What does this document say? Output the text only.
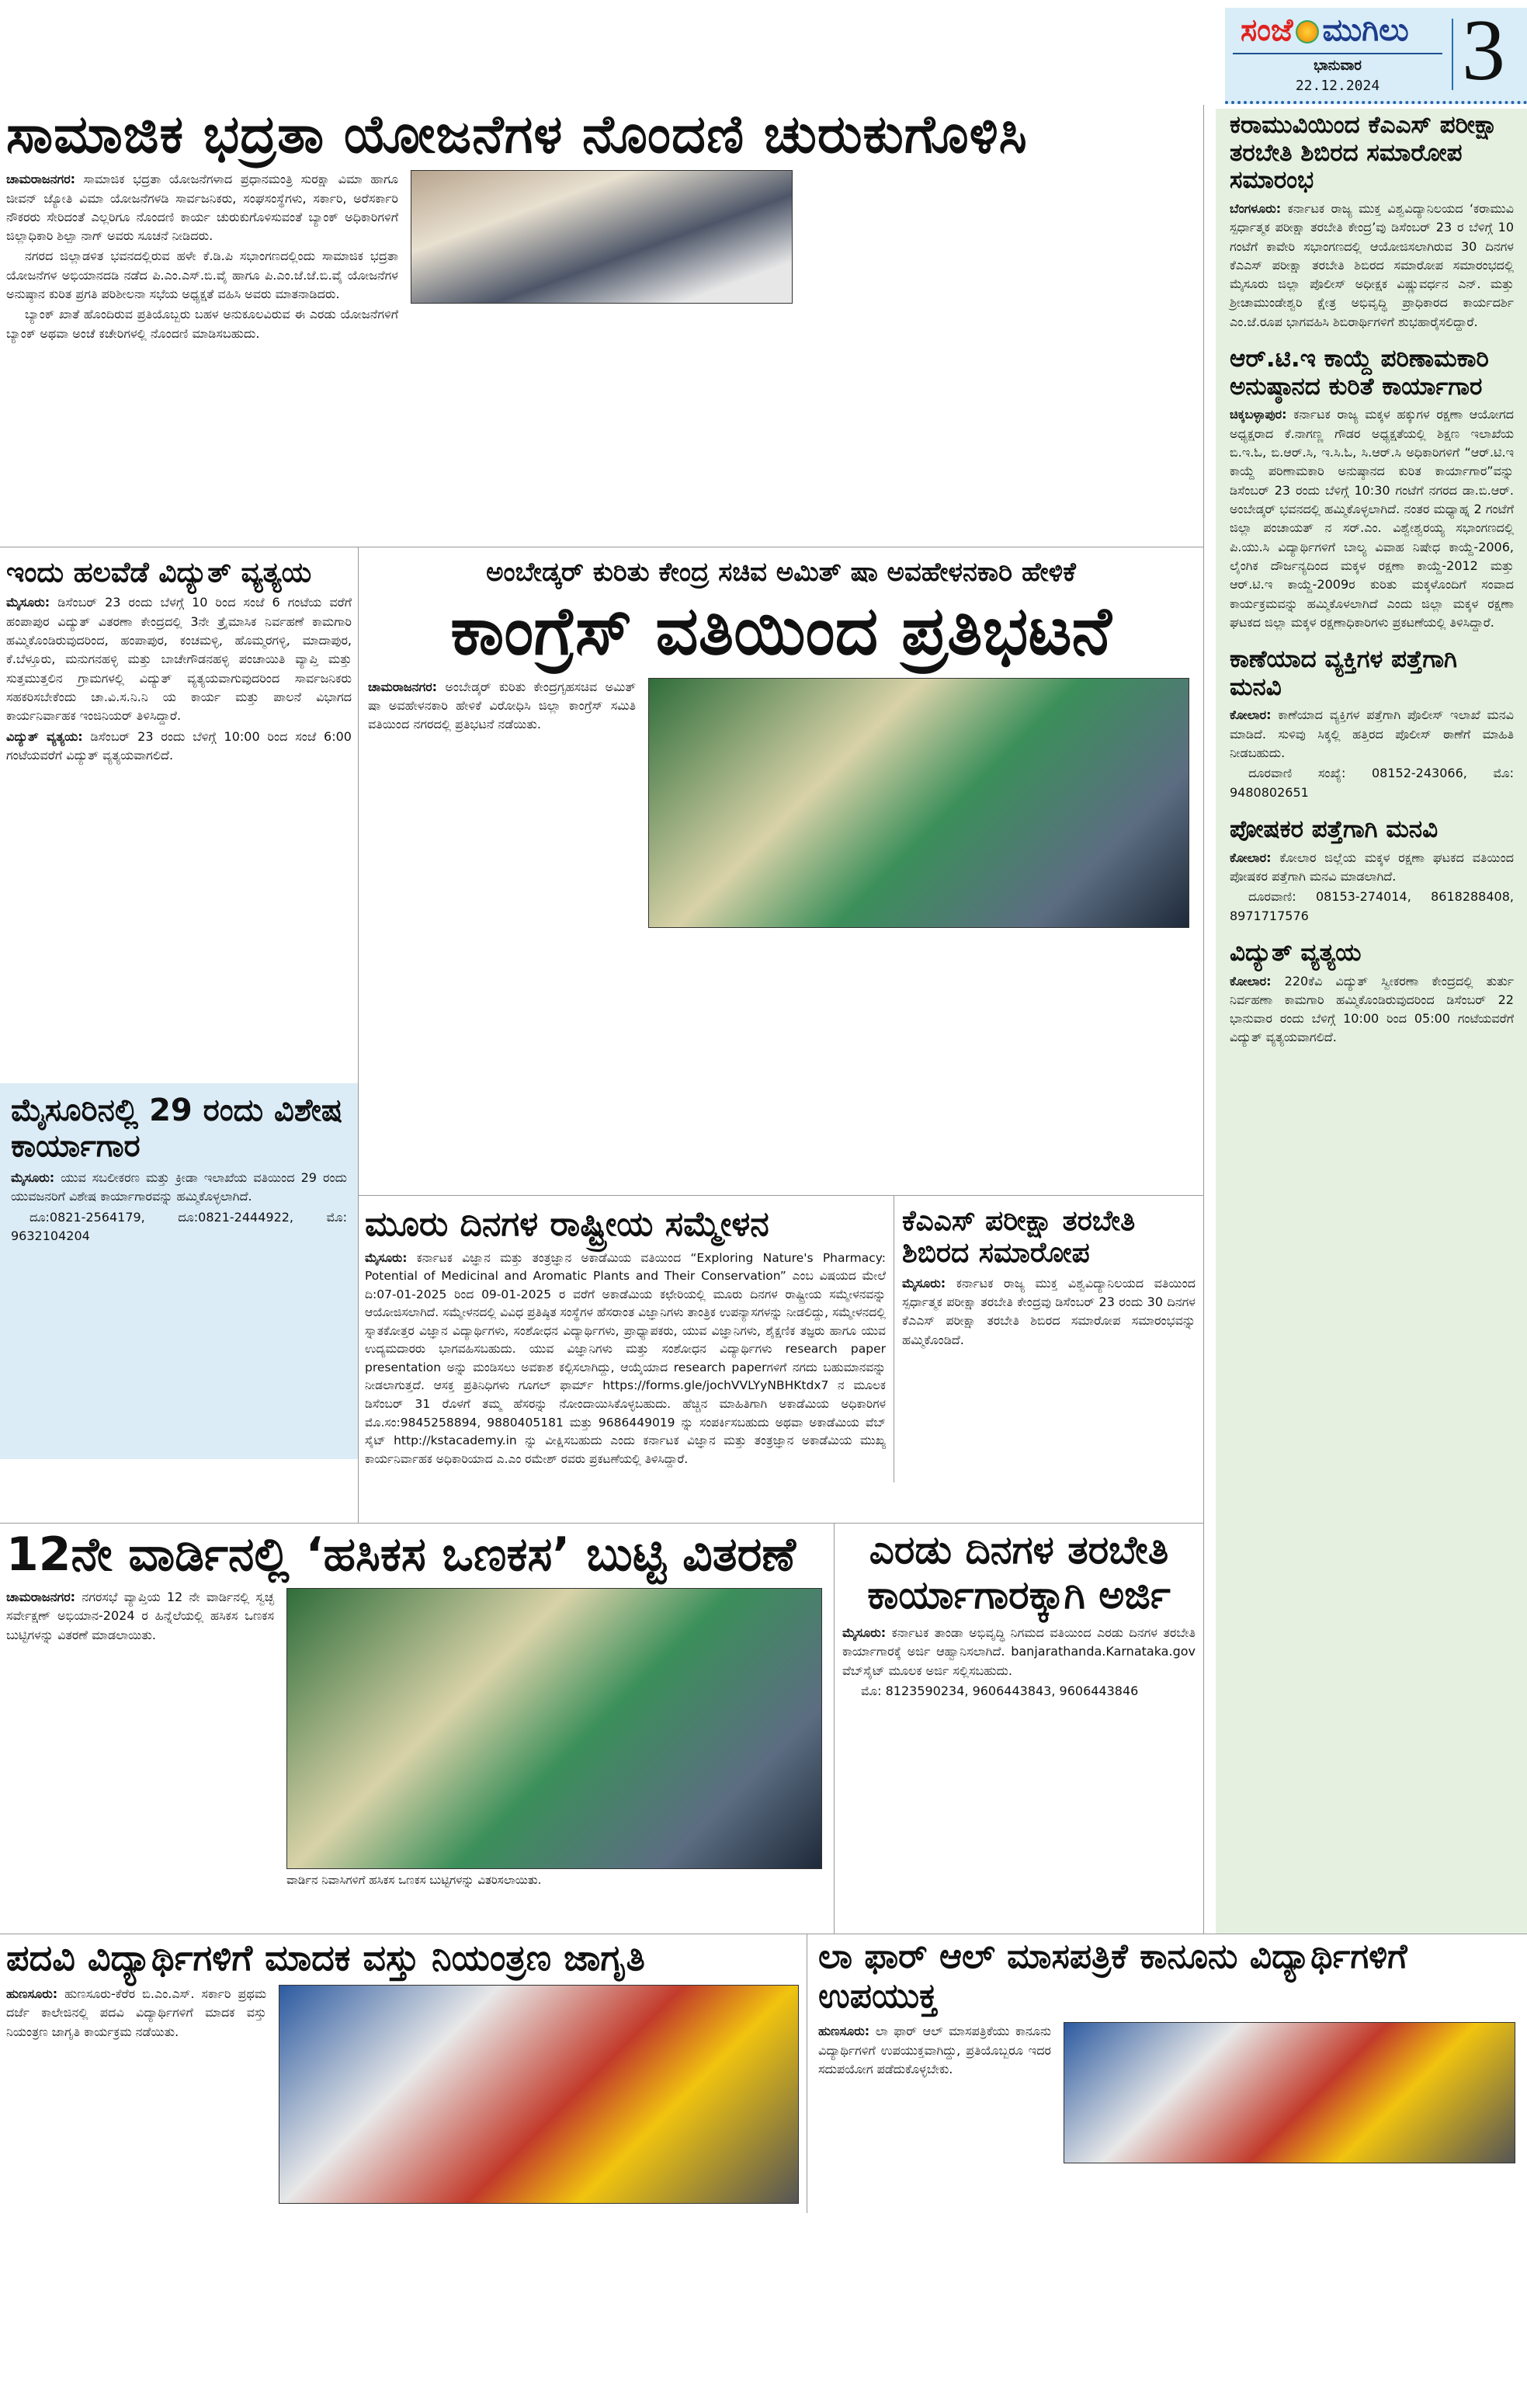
ಸಂಜೆ ಮುಗಿಲು
ಭಾನುವಾರ
22.12.2024 3
ಸಾಮಾಜಿಕ ಭದ್ರತಾ ಯೋಜನೆಗಳ ನೊಂದಣಿ ಚುರುಕುಗೊಳಿಸಿ

ಚಾಮರಾಜನಗರ: ಸಾಮಾಜಿಕ ಭದ್ರತಾ ಯೋಜನೆಗಳಾದ ಪ್ರಧಾನಮಂತ್ರಿ ಸುರಕ್ಷಾ ವಿಮಾ ಹಾಗೂ ಜೀವನ್ ಜ್ಯೋತಿ ವಿಮಾ ಯೋಜನೆಗಳಡಿ ಸಾರ್ವಜನಿಕರು, ಸಂಘಸಂಸ್ಥೆಗಳು, ಸರ್ಕಾರಿ, ಅರೆಸರ್ಕಾರಿ ನೌಕರರು ಸೇರಿದಂತೆ ಎಲ್ಲರಿಗೂ ನೊಂದಣಿ ಕಾರ್ಯ ಚುರುಕುಗೊಳಿಸುವಂತೆ ಬ್ಯಾಂಕ್ ಅಧಿಕಾರಿಗಳಿಗೆ ಜಿಲ್ಲಾಧಿಕಾರಿ ಶಿಲ್ಪಾ ನಾಗ್ ಅವರು ಸೂಚನೆ ನೀಡಿದರು.

ನಗರದ ಜಿಲ್ಲಾಡಳಿತ ಭವನದಲ್ಲಿರುವ ಹಳೇ ಕೆ.ಡಿ.ಪಿ ಸಭಾಂಗಣದಲ್ಲಿಂದು ಸಾಮಾಜಿಕ ಭದ್ರತಾ ಯೋಜನೆಗಳ ಅಭಿಯಾನದಡಿ ನಡೆದ ಪಿ.ಎಂ.ಎಸ್.ಬಿ.ವೈ ಹಾಗೂ ಪಿ.ಎಂ.ಜೆ.ಜೆ.ಬಿ.ವೈ ಯೋಜನೆಗಳ ಅನುಷ್ಠಾನ ಕುರಿತ ಪ್ರಗತಿ ಪರಿಶೀಲನಾ ಸಭೆಯ ಅಧ್ಯಕ್ಷತೆ ವಹಿಸಿ ಅವರು ಮಾತನಾಡಿದರು.

ಬ್ಯಾಂಕ್ ಖಾತೆ ಹೊಂದಿರುವ ಪ್ರತಿಯೊಬ್ಬರು ಬಹಳ ಅನುಕೂಲವಿರುವ ಈ ಎರಡು ಯೋಜನೆಗಳಿಗೆ ಬ್ಯಾಂಕ್ ಅಥವಾ ಅಂಚೆ ಕಚೇರಿಗಳಲ್ಲಿ ನೊಂದಣಿ ಮಾಡಿಸಬಹುದು.

ಇಂದು ಹಲವೆಡೆ ವಿದ್ಯುತ್ ವ್ಯತ್ಯಯ

ಮೈಸೂರು: ಡಿಸೆಂಬರ್ 23 ರಂದು ಬೆಳಗ್ಗೆ 10 ರಿಂದ ಸಂಜೆ 6 ಗಂಟೆಯ ವರೆಗೆ ಹಂಪಾಪುರ ವಿದ್ಯುತ್ ವಿತರಣಾ ಕೇಂದ್ರದಲ್ಲಿ 3ನೇ ತ್ರೈಮಾಸಿಕ ನಿರ್ವಹಣೆ ಕಾಮಗಾರಿ ಹಮ್ಮಿಕೊಂಡಿರುವುದರಿಂದ, ಹಂಪಾಪುರ, ಕಂಚಮಳ್ಳಿ, ಹೊಮ್ಮರಗಳ್ಳಿ, ಮಾದಾಪುರ, ಕೆ.ಬೆಳ್ತೂರು, ಮನುಗನಹಳ್ಳಿ ಮತ್ತು ಬಾಚೇಗೌಡನಹಳ್ಳಿ ಪಂಚಾಯಿತಿ ವ್ಯಾಪ್ತಿ ಮತ್ತು ಸುತ್ತಮುತ್ತಲಿನ ಗ್ರಾಮಗಳಲ್ಲಿ ವಿದ್ಯುತ್ ವ್ಯತ್ಯಯವಾಗುವುದರಿಂದ ಸಾರ್ವಜನಿಕರು ಸಹಕರಿಸಬೇಕೆಂದು ಚಾ.ವಿ.ಸ.ನಿ.ನಿ ಯ ಕಾರ್ಯ ಮತ್ತು ಪಾಲನೆ ವಿಭಾಗದ ಕಾರ್ಯನಿರ್ವಾಹಕ ಇಂಜಿನಿಯರ್ ತಿಳಿಸಿದ್ದಾರೆ.

ವಿದ್ಯುತ್ ವ್ಯತ್ಯಯ: ಡಿಸೆಂಬರ್ 23 ರಂದು ಬೆಳಿಗ್ಗೆ 10:00 ರಿಂದ ಸಂಜೆ 6:00 ಗಂಟೆಯವರೆಗೆ ವಿದ್ಯುತ್ ವ್ಯತ್ಯಯವಾಗಲಿದೆ.

ಮೈಸೂರಿನಲ್ಲಿ 29 ರಂದು ವಿಶೇಷ ಕಾರ್ಯಾಗಾರ

ಮೈಸೂರು: ಯುವ ಸಬಲೀಕರಣ ಮತ್ತು ಕ್ರೀಡಾ ಇಲಾಖೆಯ ವತಿಯಿಂದ 29 ರಂದು ಯುವಜನರಿಗೆ ವಿಶೇಷ ಕಾರ್ಯಾಗಾರವನ್ನು ಹಮ್ಮಿಕೊಳ್ಳಲಾಗಿದೆ.

ದೂ:0821-2564179, ದೂ:0821-2444922, ಮೊ: 9632104204

ಅಂಬೇಡ್ಕರ್ ಕುರಿತು ಕೇಂದ್ರ ಸಚಿವ ಅಮಿತ್ ಷಾ ಅವಹೇಳನಕಾರಿ ಹೇಳಿಕೆ
ಕಾಂಗ್ರೆಸ್ ವತಿಯಿಂದ ಪ್ರತಿಭಟನೆ

ಚಾಮರಾಜನಗರ: ಅಂಬೇಡ್ಕರ್ ಕುರಿತು ಕೇಂದ್ರಗೃಹಸಚಿವ ಅಮಿತ್ ಷಾ ಅವಹೇಳನಕಾರಿ ಹೇಳಿಕೆ ವಿರೋಧಿಸಿ ಜಿಲ್ಲಾ ಕಾಂಗ್ರೆಸ್ ಸಮಿತಿ ವತಿಯಿಂದ ನಗರದಲ್ಲಿ ಪ್ರತಿಭಟನೆ ನಡೆಯಿತು.

ಮೂರು ದಿನಗಳ ರಾಷ್ಟ್ರೀಯ ಸಮ್ಮೇಳನ

ಮೈಸೂರು: ಕರ್ನಾಟಕ ವಿಜ್ಞಾನ ಮತ್ತು ತಂತ್ರಜ್ಞಾನ ಅಕಾಡೆಮಿಯ ವತಿಯಿಂದ “Exploring Nature's Pharmacy: Potential of Medicinal and Aromatic Plants and Their Conservation” ಎಂಬ ವಿಷಯದ ಮೇಲೆ ದಿ:07-01-2025 ರಿಂದ 09-01-2025 ರ ವರೆಗೆ ಅಕಾಡೆಮಿಯ ಕಛೇರಿಯಲ್ಲಿ ಮೂರು ದಿನಗಳ ರಾಷ್ಟ್ರೀಯ ಸಮ್ಮೇಳನವನ್ನು ಆಯೋಜಿಸಲಾಗಿದೆ. ಸಮ್ಮೇಳನದಲ್ಲಿ ವಿವಿಧ ಪ್ರತಿಷ್ಠಿತ ಸಂಸ್ಥೆಗಳ ಹೆಸರಾಂತ ವಿಜ್ಞಾನಿಗಳು ತಾಂತ್ರಿಕ ಉಪನ್ಯಾಸಗಳನ್ನು ನೀಡಲಿದ್ದು, ಸಮ್ಮೇಳನದಲ್ಲಿ ಸ್ನಾತಕೋತ್ತರ ವಿಜ್ಞಾನ ವಿದ್ಯಾರ್ಥಿಗಳು, ಸಂಶೋಧನ ವಿದ್ಯಾರ್ಥಿಗಳು, ಪ್ರಾಧ್ಯಾಪಕರು, ಯುವ ವಿಜ್ಞಾನಿಗಳು, ಶೈಕ್ಷಣಿಕ ತಜ್ಞರು ಹಾಗೂ ಯುವ ಉದ್ಯಮದಾರರು ಭಾಗವಹಿಸಬಹುದು. ಯುವ ವಿಜ್ಞಾನಿಗಳು ಮತ್ತು ಸಂಶೋಧನ ವಿದ್ಯಾರ್ಥಿಗಳು research paper presentation ಅನ್ನು ಮಂಡಿಸಲು ಅವಕಾಶ ಕಲ್ಪಿಸಲಾಗಿದ್ದು, ಆಯ್ಕೆಯಾದ research paperಗಳಿಗೆ ನಗದು ಬಹುಮಾನವನ್ನು ನೀಡಲಾಗುತ್ತದೆ. ಆಸಕ್ತ ಪ್ರತಿನಿಧಿಗಳು ಗೂಗಲ್ ಫಾರ್ಮ್ https://forms.gle/jochVVLYyNBHKtdx7 ನ ಮೂಲಕ ಡಿಸೆಂಬರ್ 31 ರೊಳಗೆ ತಮ್ಮ ಹೆಸರನ್ನು ನೋಂದಾಯಿಸಿಕೊಳ್ಳಬಹುದು. ಹೆಚ್ಚಿನ ಮಾಹಿತಿಗಾಗಿ ಅಕಾಡೆಮಿಯ ಅಧಿಕಾರಿಗಳ ಮೊ.ಸಂ:9845258894, 9880405181 ಮತ್ತು 9686449019 ನ್ನು ಸಂಪರ್ಕಿಸಬಹುದು ಅಥವಾ ಅಕಾಡೆಮಿಯ ವೆಬ್ ಸೈಟ್ http://kstacademy.in ನ್ನು ವೀಕ್ಷಿಸಬಹುದು ಎಂದು ಕರ್ನಾಟಕ ವಿಜ್ಞಾನ ಮತ್ತು ತಂತ್ರಜ್ಞಾನ ಅಕಾಡೆಮಿಯ ಮುಖ್ಯ ಕಾರ್ಯನಿರ್ವಾಹಕ ಅಧಿಕಾರಿಯಾದ ಎ.ಎಂ ರಮೇಶ್ ರವರು ಪ್ರಕಟಣೆಯಲ್ಲಿ ತಿಳಿಸಿದ್ದಾರೆ.

ಕೆಎಎಸ್ ಪರೀಕ್ಷಾ ತರಬೇತಿ ಶಿಬಿರದ ಸಮಾರೋಪ

ಮೈಸೂರು: ಕರ್ನಾಟಕ ರಾಜ್ಯ ಮುಕ್ತ ವಿಶ್ವವಿದ್ಯಾನಿಲಯದ ವತಿಯಿಂದ ಸ್ಪರ್ಧಾತ್ಮಕ ಪರೀಕ್ಷಾ ತರಬೇತಿ ಕೇಂದ್ರವು ಡಿಸೆಂಬರ್ 23 ರಂದು 30 ದಿನಗಳ ಕೆಎಎಸ್ ಪರೀಕ್ಷಾ ತರಬೇತಿ ಶಿಬಿರದ ಸಮಾರೋಪ ಸಮಾರಂಭವನ್ನು ಹಮ್ಮಿಕೊಂಡಿದೆ.

12ನೇ ವಾರ್ಡಿನಲ್ಲಿ ‘ಹಸಿಕಸ ಒಣಕಸ’ ಬುಟ್ಟಿ ವಿತರಣೆ

ಚಾಮರಾಜನಗರ: ನಗರಸಭೆ ವ್ಯಾಪ್ತಿಯ 12 ನೇ ವಾರ್ಡಿನಲ್ಲಿ ಸ್ವಚ್ಛ ಸರ್ವೇಕ್ಷಣ್ ಅಭಿಯಾನ-2024 ರ ಹಿನ್ನೆಲೆಯಲ್ಲಿ ಹಸಿಕಸ ಒಣಕಸ ಬುಟ್ಟಿಗಳನ್ನು ವಿತರಣೆ ಮಾಡಲಾಯಿತು.

ವಾರ್ಡಿನ ನಿವಾಸಿಗಳಿಗೆ ಹಸಿಕಸ ಒಣಕಸ ಬುಟ್ಟಿಗಳನ್ನು ವಿತರಿಸಲಾಯಿತು.
ಎರಡು ದಿನಗಳ ತರಬೇತಿ ಕಾರ್ಯಾಗಾರಕ್ಕಾಗಿ ಅರ್ಜಿ

ಮೈಸೂರು: ಕರ್ನಾಟಕ ತಾಂಡಾ ಅಭಿವೃದ್ಧಿ ನಿಗಮದ ವತಿಯಿಂದ ಎರಡು ದಿನಗಳ ತರಬೇತಿ ಕಾರ್ಯಾಗಾರಕ್ಕೆ ಅರ್ಜಿ ಆಹ್ವಾನಿಸಲಾಗಿದೆ. banjarathanda.Karnataka.gov ವೆಬ್‌ಸೈಟ್ ಮೂಲಕ ಅರ್ಜಿ ಸಲ್ಲಿಸಬಹುದು.

ಮೊ: 8123590234, 9606443843, 9606443846

ಕರಾಮುವಿಯಿಂದ ಕೆಎಎಸ್ ಪರೀಕ್ಷಾ ತರಬೇತಿ ಶಿಬಿರದ ಸಮಾರೋಪ ಸಮಾರಂಭ

ಬೆಂಗಳೂರು: ಕರ್ನಾಟಕ ರಾಜ್ಯ ಮುಕ್ತ ವಿಶ್ವವಿದ್ಯಾನಿಲಯದ ‘ಕರಾಮುವಿ ಸ್ಪರ್ಧಾತ್ಮಕ ಪರೀಕ್ಷಾ ತರಬೇತಿ ಕೇಂದ್ರ’ವು ಡಿಸೆಂಬರ್ 23 ರ ಬೆಳಿಗ್ಗೆ 10 ಗಂಟೆಗೆ ಕಾವೇರಿ ಸಭಾಂಗಣದಲ್ಲಿ ಆಯೋಜಿಸಲಾಗಿರುವ 30 ದಿನಗಳ ಕೆಎಎಸ್ ಪರೀಕ್ಷಾ ತರಬೇತಿ ಶಿಬಿರದ ಸಮಾರೋಪ ಸಮಾರಂಭದಲ್ಲಿ ಮೈಸೂರು ಜಿಲ್ಲಾ ಪೊಲೀಸ್ ಅಧೀಕ್ಷಕ ವಿಷ್ಣುವರ್ಧನ ಎನ್. ಮತ್ತು ಶ್ರೀಚಾಮುಂಡೇಶ್ವರಿ ಕ್ಷೇತ್ರ ಅಭಿವೃದ್ಧಿ ಪ್ರಾಧಿಕಾರದ ಕಾರ್ಯದರ್ಶಿ ಎಂ.ಜೆ.ರೂಪ ಭಾಗವಹಿಸಿ ಶಿಬಿರಾರ್ಥಿಗಳಿಗೆ ಶುಭಹಾರೈಸಲಿದ್ದಾರೆ.

ಆರ್.ಟಿ.ಇ ಕಾಯ್ದೆ ಪರಿಣಾಮಕಾರಿ ಅನುಷ್ಠಾನದ ಕುರಿತೆ ಕಾರ್ಯಾಗಾರ

ಚಿಕ್ಕಬಳ್ಳಾಪುರ: ಕರ್ನಾಟಕ ರಾಜ್ಯ ಮಕ್ಕಳ ಹಕ್ಕುಗಳ ರಕ್ಷಣಾ ಆಯೋಗದ ಅಧ್ಯಕ್ಷರಾದ ಕೆ.ನಾಗಣ್ಣ ಗೌಡರ ಅಧ್ಯಕ್ಷತೆಯಲ್ಲಿ ಶಿಕ್ಷಣ ಇಲಾಖೆಯ ಬಿ.ಇ.ಓ, ಬಿ.ಆರ್.ಸಿ, ಇ.ಸಿ.ಓ, ಸಿ.ಆರ್.ಸಿ ಅಧಿಕಾರಿಗಳಿಗೆ “ಆರ್.ಟಿ.ಇ ಕಾಯ್ದೆ ಪರಿಣಾಮಕಾರಿ ಅನುಷ್ಠಾನದ ಕುರಿತ ಕಾರ್ಯಾಗಾರ”ವನ್ನು ಡಿಸೆಂಬರ್ 23 ರಂದು ಬೆಳಿಗ್ಗೆ 10:30 ಗಂಟೆಗೆ ನಗರದ ಡಾ.ಬಿ.ಆರ್. ಅಂಬೇಡ್ಕರ್ ಭವನದಲ್ಲಿ ಹಮ್ಮಿಕೊಳ್ಳಲಾಗಿದೆ. ನಂತರ ಮಧ್ಯಾಹ್ನ 2 ಗಂಟೆಗೆ ಜಿಲ್ಲಾ ಪಂಚಾಯತ್ ನ ಸರ್.ಎಂ. ವಿಶ್ವೇಶ್ವರಯ್ಯ ಸಭಾಂಗಣದಲ್ಲಿ ಪಿ.ಯು.ಸಿ ವಿದ್ಯಾರ್ಥಿಗಳಿಗೆ ಬಾಲ್ಯ ವಿವಾಹ ನಿಷೇಧ ಕಾಯ್ದೆ-2006, ಲೈಂಗಿಕ ದೌರ್ಜನ್ಯದಿಂದ ಮಕ್ಕಳ ರಕ್ಷಣಾ ಕಾಯ್ದೆ-2012 ಮತ್ತು ಆರ್.ಟಿ.ಇ ಕಾಯ್ದೆ-2009ರ ಕುರಿತು ಮಕ್ಕಳೊಂದಿಗೆ ಸಂವಾದ ಕಾರ್ಯಕ್ರಮವನ್ನು ಹಮ್ಮಿಕೊಳಲಾಗಿದೆ ಎಂದು ಜಿಲ್ಲಾ ಮಕ್ಕಳ ರಕ್ಷಣಾ ಘಟಕದ ಜಿಲ್ಲಾ ಮಕ್ಕಳ ರಕ್ಷಣಾಧಿಕಾರಿಗಳು ಪ್ರಕಟಣೆಯಲ್ಲಿ ತಿಳಿಸಿದ್ದಾರೆ.

ಕಾಣೆಯಾದ ವ್ಯಕ್ತಿಗಳ ಪತ್ತೆಗಾಗಿ ಮನವಿ

ಕೋಲಾರ: ಕಾಣೆಯಾದ ವ್ಯಕ್ತಿಗಳ ಪತ್ತೆಗಾಗಿ ಪೊಲೀಸ್ ಇಲಾಖೆ ಮನವಿ ಮಾಡಿದೆ. ಸುಳಿವು ಸಿಕ್ಕಲ್ಲಿ ಹತ್ತಿರದ ಪೊಲೀಸ್ ಠಾಣೆಗೆ ಮಾಹಿತಿ ನೀಡಬಹುದು.

ದೂರವಾಣಿ ಸಂಖ್ಯೆ: 08152-243066, ಮೊ: 9480802651

ಪೋಷಕರ ಪತ್ತೆಗಾಗಿ ಮನವಿ

ಕೋಲಾರ: ಕೋಲಾರ ಜಿಲ್ಲೆಯ ಮಕ್ಕಳ ರಕ್ಷಣಾ ಘಟಕದ ವತಿಯಿಂದ ಪೋಷಕರ ಪತ್ತೆಗಾಗಿ ಮನವಿ ಮಾಡಲಾಗಿದೆ.

ದೂರವಾಣಿ: 08153-274014, 8618288408, 8971717576

ವಿದ್ಯುತ್ ವ್ಯತ್ಯಯ

ಕೋಲಾರ: 220ಕೆವಿ ವಿದ್ಯುತ್ ಸ್ವೀಕರಣಾ ಕೇಂದ್ರದಲ್ಲಿ ತುರ್ತು ನಿರ್ವಹಣಾ ಕಾಮಗಾರಿ ಹಮ್ಮಿಕೊಂಡಿರುವುದರಿಂದ ಡಿಸೆಂಬರ್ 22 ಭಾನುವಾರ ರಂದು ಬೆಳಿಗ್ಗೆ 10:00 ರಿಂದ 05:00 ಗಂಟೆಯವರೆಗೆ ವಿದ್ಯುತ್ ವ್ಯತ್ಯಯವಾಗಲಿದೆ.

ಪದವಿ ವಿದ್ಯಾರ್ಥಿಗಳಿಗೆ ಮಾದಕ ವಸ್ತು ನಿಯಂತ್ರಣ ಜಾಗೃತಿ

ಹುಣಸೂರು: ಹುಣಸೂರು-ಕೆರೆರ ಬಿ.ಎಂ.ಎಸ್. ಸರ್ಕಾರಿ ಪ್ರಥಮ ದರ್ಜೆ ಕಾಲೇಜಿನಲ್ಲಿ ಪದವಿ ವಿದ್ಯಾರ್ಥಿಗಳಿಗೆ ಮಾದಕ ವಸ್ತು ನಿಯಂತ್ರಣ ಜಾಗೃತಿ ಕಾರ್ಯಕ್ರಮ ನಡೆಯಿತು.

ಲಾ ಫಾರ್ ಆಲ್ ಮಾಸಪತ್ರಿಕೆ ಕಾನೂನು ವಿದ್ಯಾರ್ಥಿಗಳಿಗೆ ಉಪಯುಕ್ತ

ಹುಣಸೂರು: ಲಾ ಫಾರ್ ಆಲ್ ಮಾಸಪತ್ರಿಕೆಯು ಕಾನೂನು ವಿದ್ಯಾರ್ಥಿಗಳಿಗೆ ಉಪಯುಕ್ತವಾಗಿದ್ದು, ಪ್ರತಿಯೊಬ್ಬರೂ ಇದರ ಸದುಪಯೋಗ ಪಡೆದುಕೊಳ್ಳಬೇಕು.
